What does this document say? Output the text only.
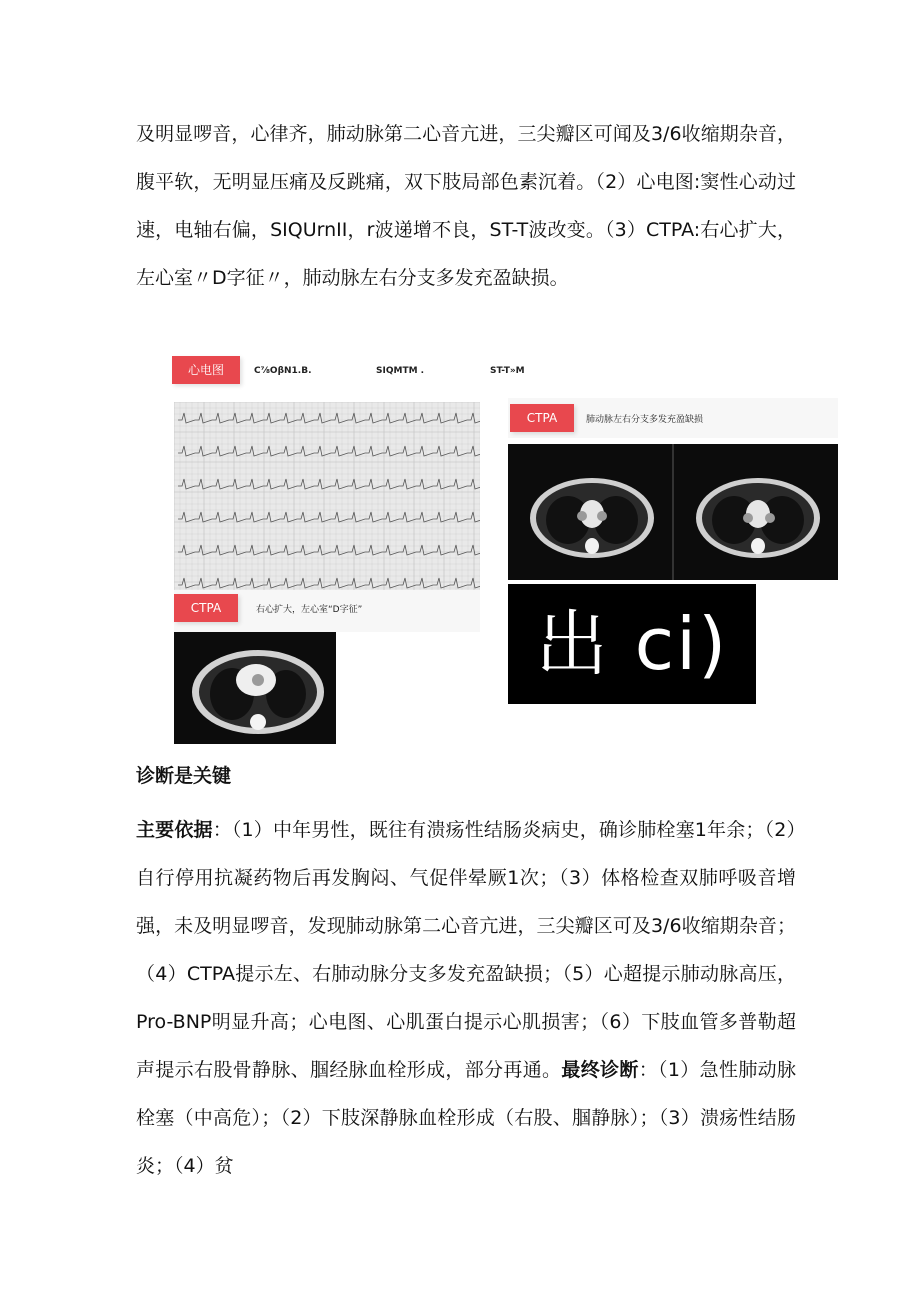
及明显啰音，心律齐，肺动脉第二心音亢进，三尖瓣区可闻及3/6收缩期杂音，腹平软，无明显压痛及反跳痛，双下肢局部色素沉着。（2）心电图:窦性心动过速，电轴右偏，SIQUrnII，r波递增不良，ST-T波改变。（3）CTPA:右心扩大，左心室〃D字征〃，肺动脉左右分支多发充盈缺损。

心电图	C⅞OβN1.B.	SIQMTM .	ST-T»M
CTPA	肺动脉左右分支多发充盈缺损
出 ci)
CTPA	右心扩大，左心室“D字征”

诊断是关键

主要依据：（1）中年男性，既往有溃疡性结肠炎病史，确诊肺栓塞1年余；（2）自行停用抗凝药物后再发胸闷、气促伴晕厥1次；（3）体格检查双肺呼吸音增强，未及明显啰音，发现肺动脉第二心音亢进，三尖瓣区可及3/6收缩期杂音；（4）CTPA提示左、右肺动脉分支多发充盈缺损；（5）心超提示肺动脉高压，Pro-BNP明显升高；心电图、心肌蛋白提示心肌损害；（6）下肢血管多普勒超声提示右股骨静脉、腘经脉血栓形成，部分再通。最终诊断：（1）急性肺动脉栓塞（中高危）；（2）下肢深静脉血栓形成（右股、腘静脉）；（3）溃疡性结肠炎；（4）贫
